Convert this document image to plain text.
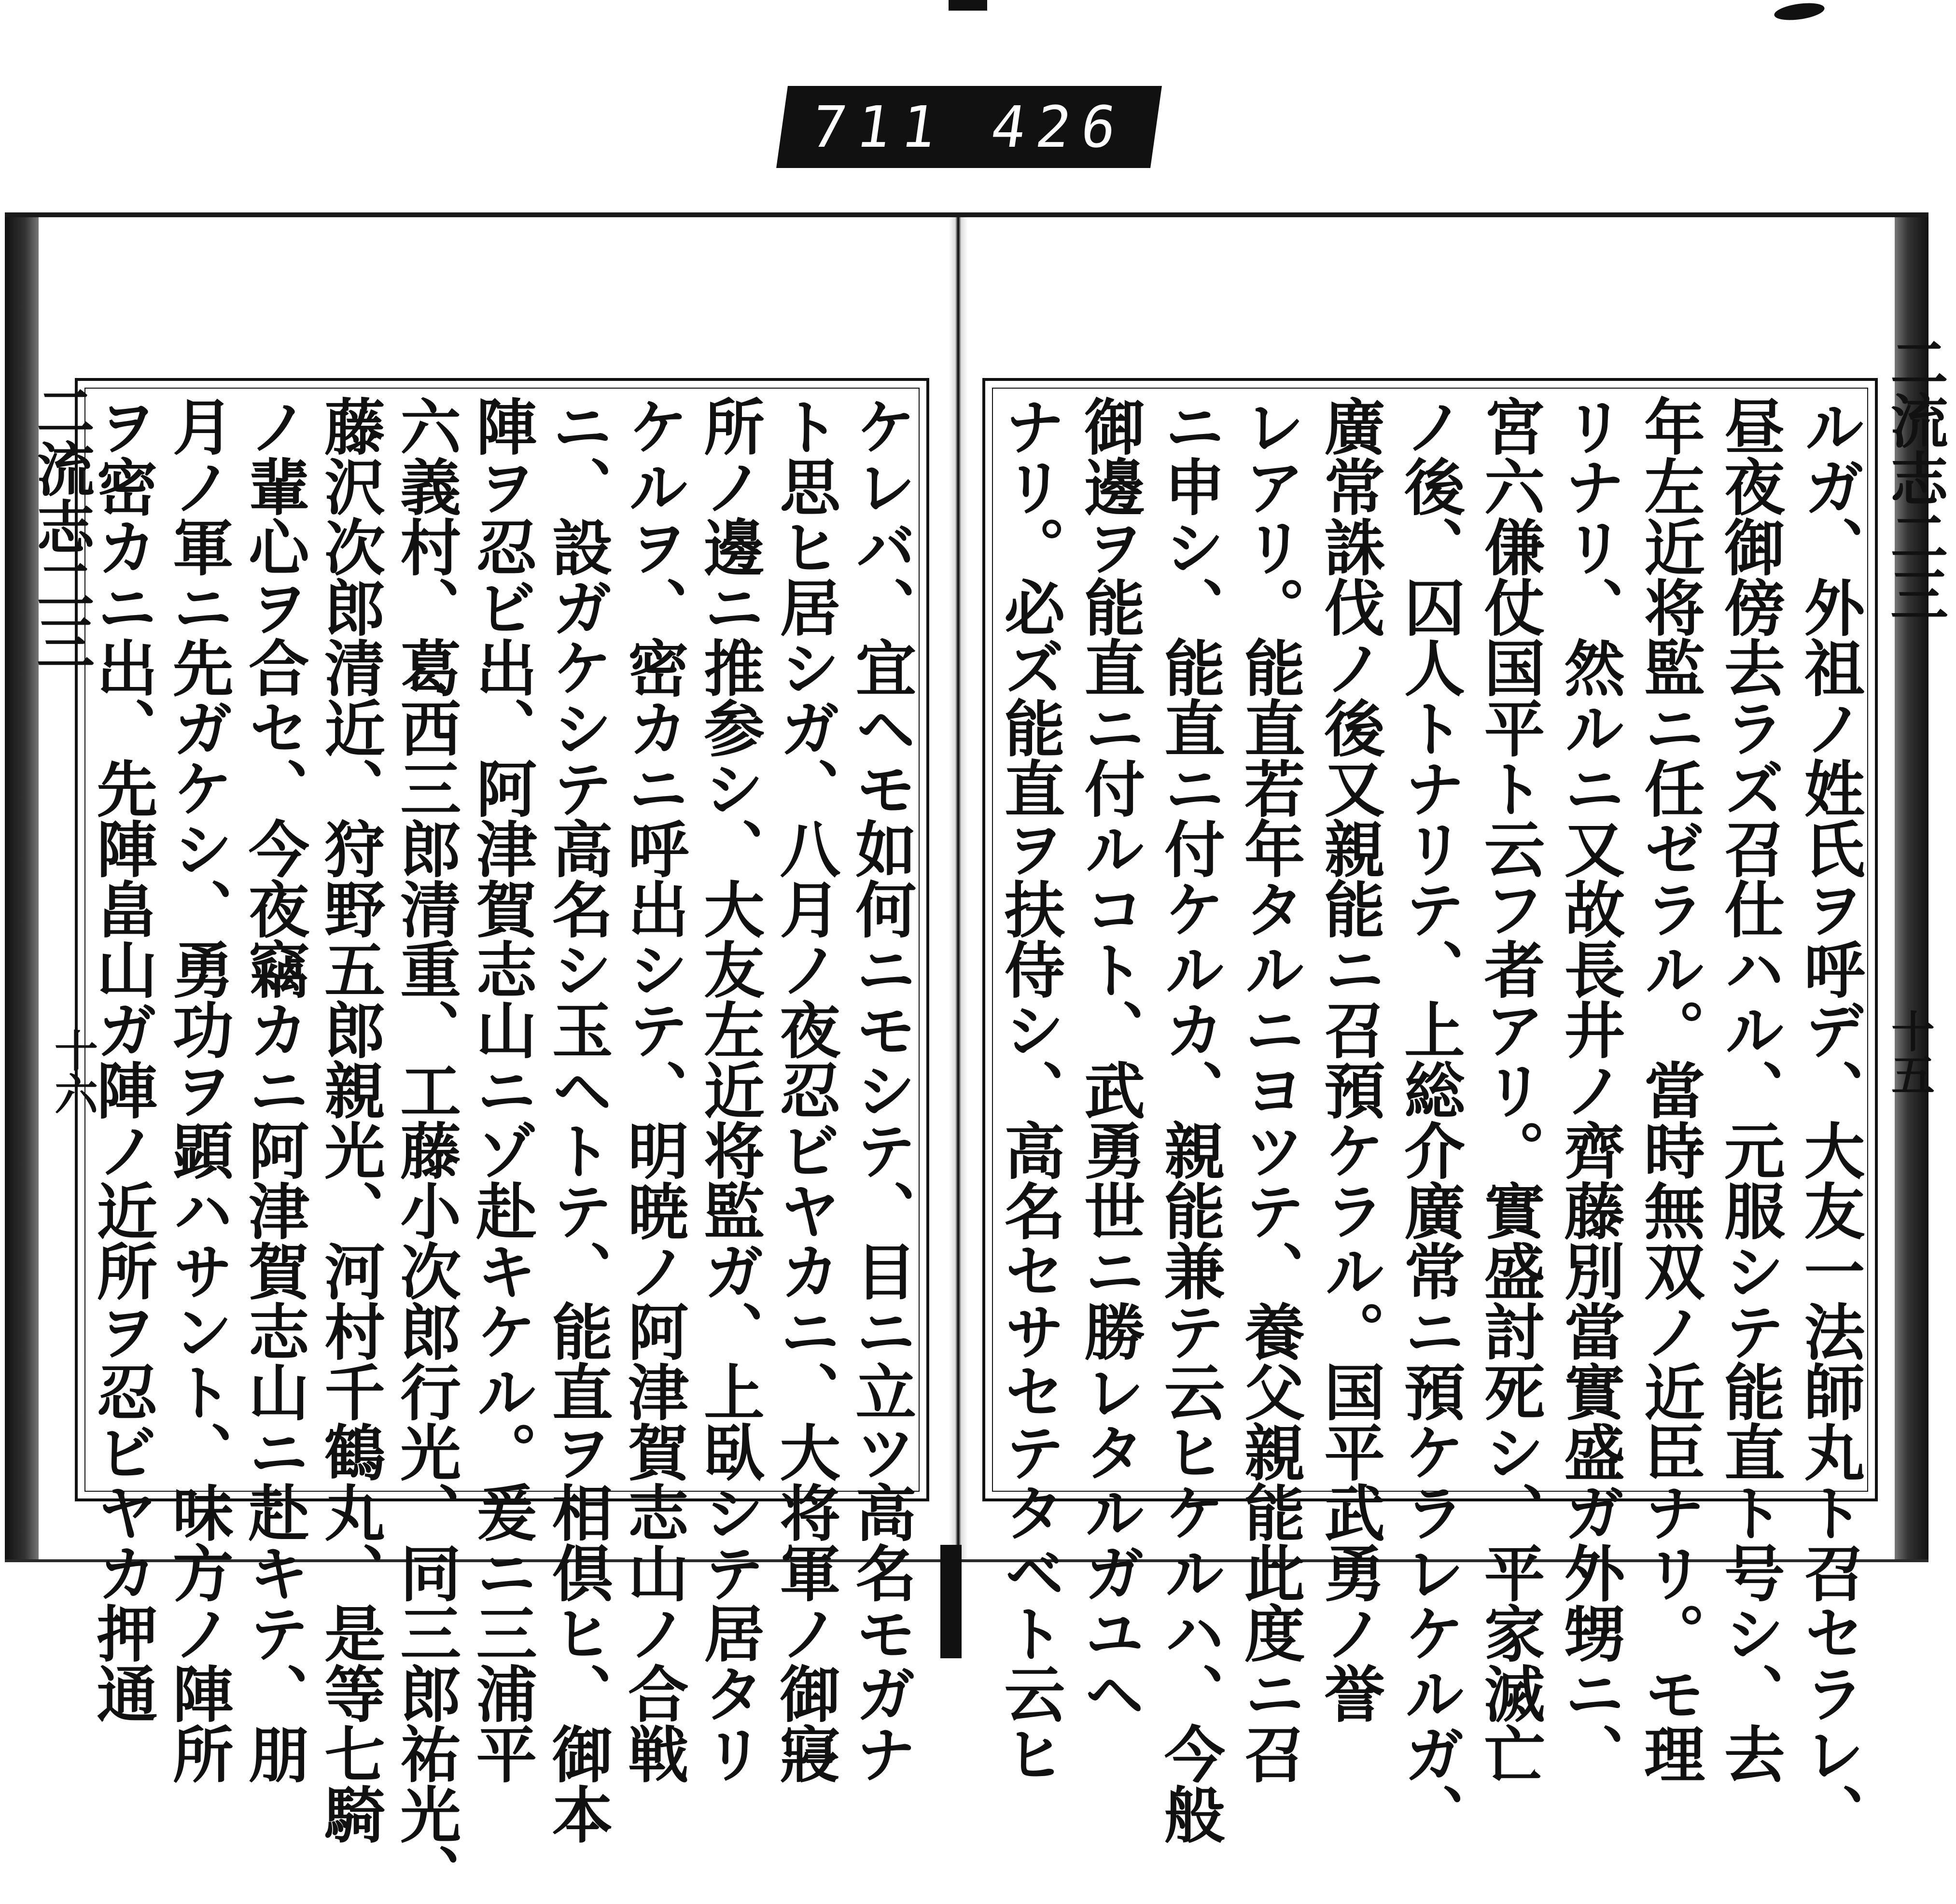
711 426
二流志二三
十六	ケレバ、宜ヘモ如何ニモシテ、目ニ立ツ高名モガナ
ト思ヒ居シガ、八月ノ夜忍ビヤカニ、大将軍ノ御寢
所ノ邊ニ推参シ、大友左近将監ガ、上臥シテ居タリ
ケルヲ、密カニ呼出シテ、明暁ノ阿津賀志山ノ合戦
ニ、設ガケシテ高名シ玉ヘトテ、能直ヲ相倶ヒ、御本
陣ヲ忍ビ出、阿津賀志山ニゾ赴キケル。爰ニ三浦平
六義村、葛西三郎清重、工藤小次郎行光、同三郎祐光、
藤沢次郎清近、狩野五郎親光、河村千鶴丸、是等七騎
ノ輩心ヲ合セ、今夜竊カニ阿津賀志山ニ赴キテ、朋
月ノ軍ニ先ガケシ、勇功ヲ顕ハサント、味方ノ陣所
ヲ密カニ出、先陣畠山ガ陣ノ近所ヲ忍ビヤカ押通	二流志二三
十五
ルガ、外祖ノ姓氏ヲ呼デ、大友一法師丸ト召セラレ、
昼夜御傍去ラズ召仕ハル、元服シテ能直ト号シ、去
年左近将監ニ任ゼラル。當時無双ノ近臣ナリ。モ理
リナリ、然ルニ又故長井ノ齊藤別當實盛ガ外甥ニ、
宮六傔仗国平ト云フ者アリ。實盛討死シ、平家滅亡
ノ後、囚人トナリテ、上総介廣常ニ預ケラレケルガ、
廣常誅伐ノ後又親能ニ召預ケラル。国平武勇ノ誉
レアリ。能直若年タルニヨツテ、養父親能此度ニ召
ニ申シ、能直ニ付ケルカ、親能兼テ云ヒケルハ、今般
御邊ヲ能直ニ付ルコト、武勇世ニ勝レタルガユヘ
ナリ。必ズ能直ヲ扶侍シ、高名セサセテタベト云ヒ
